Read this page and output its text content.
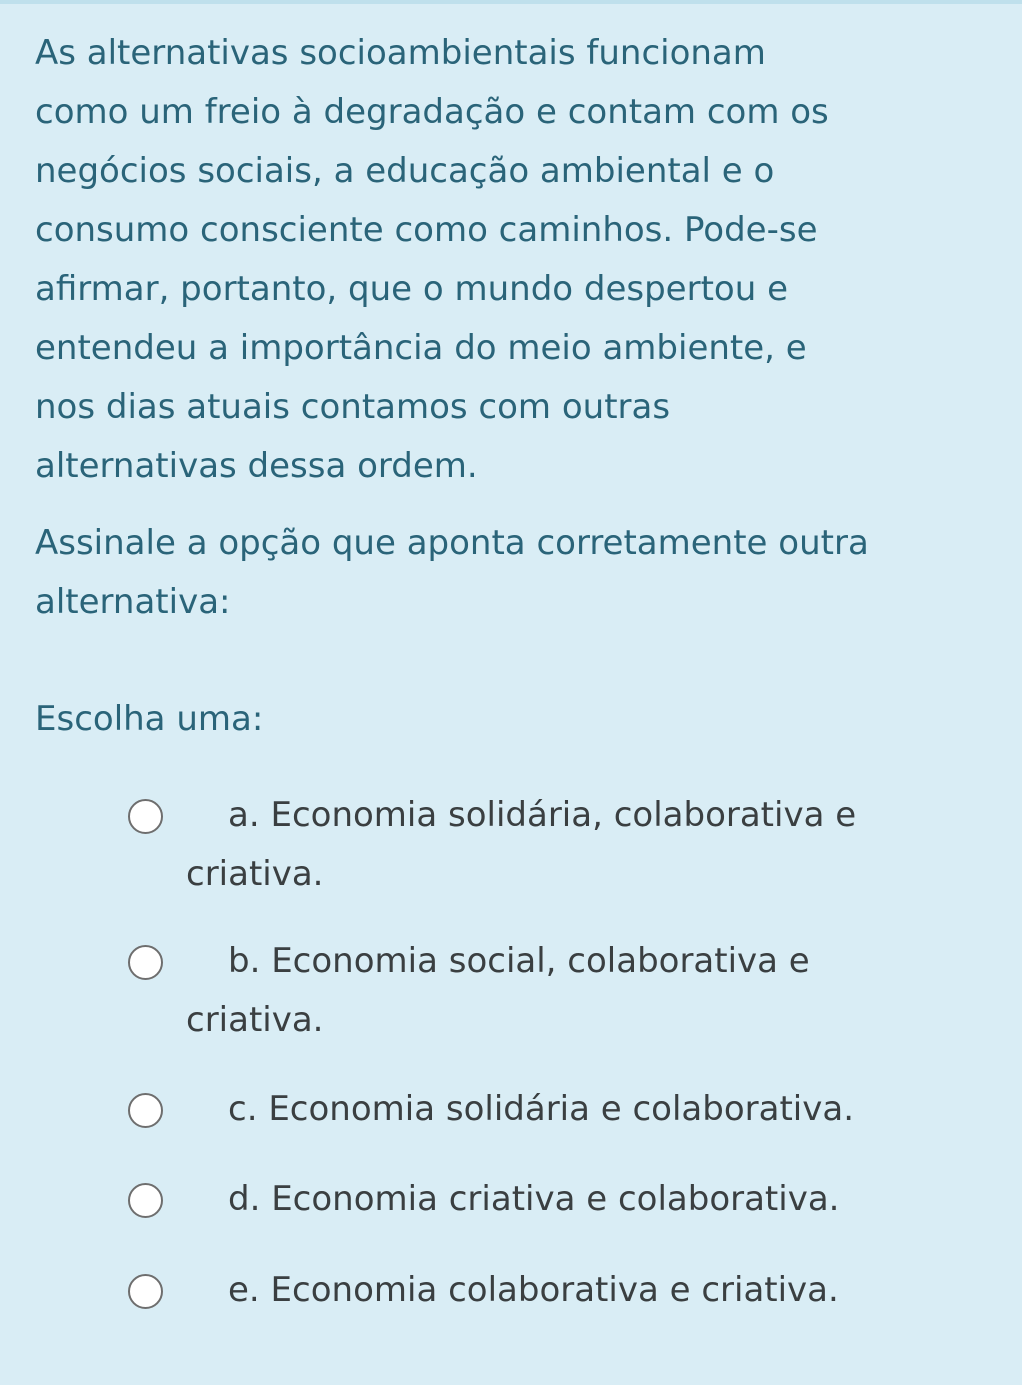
As alternativas socioambientais funcionam
como um freio à degradação e contam com os
negócios sociais, a educação ambiental e o
consumo consciente como caminhos. Pode-se
afirmar, portanto, que o mundo despertou e
entendeu a importância do meio ambiente, e
nos dias atuais contamos com outras
alternativas dessa ordem.

Assinale a opção que aponta corretamente outra
alternativa:

Escolha uma:

a. Economia solidária, colaborativa e
criativa.
b. Economia social, colaborativa e
criativa.
c. Economia solidária e colaborativa.
d. Economia criativa e colaborativa.
e. Economia colaborativa e criativa.
